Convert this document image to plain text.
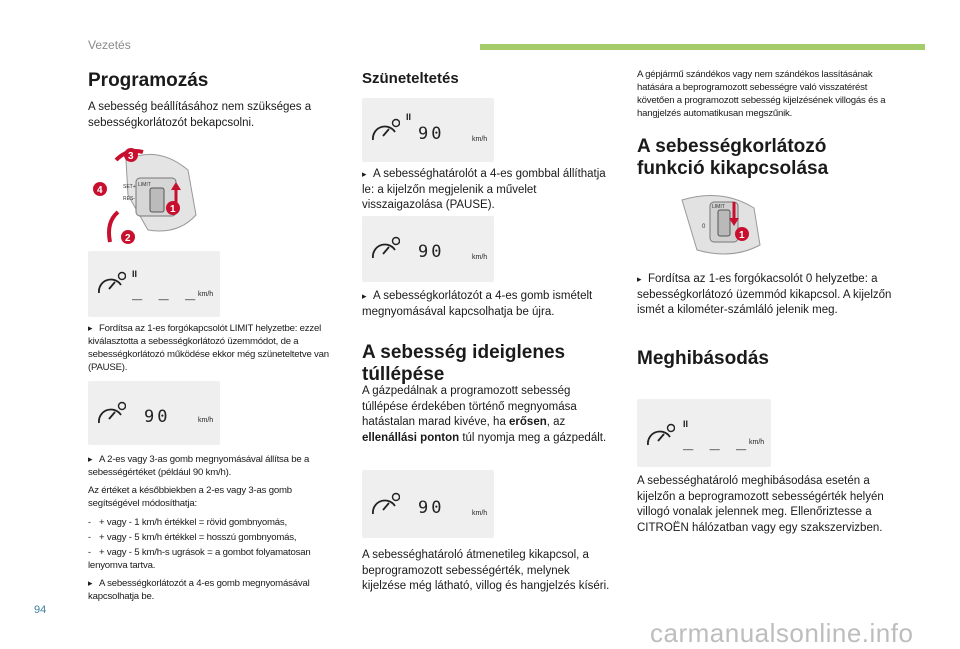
Vezetés
Programozás

A sebesség beállításához nem szükséges a sebességkorlátozót bekapcsolni.

LIMIT
SET+
RES-
3
4
2
1
II
_ _ _ km/h

▸ Fordítsa az 1-es forgókapcsolót LIMIT helyzetbe: ezzel kiválasztotta a sebességkorlátozó üzemmódot, de a sebességkorlátozó működése ekkor még szüneteltetve van (PAUSE).

90	km/h

▸ A 2-es vagy 3-as gomb megnyomásával állítsa be a sebességértéket (például 90 km/h).

Az értéket a későbbiekben a 2-es vagy 3-as gomb segítségével módosíthatja:

- + vagy - 1 km/h értékkel = rövid gombnyomás,

- + vagy - 5 km/h értékkel = hosszú gombnyomás,

- + vagy - 5 km/h-s ugrások = a gombot folyamatosan lenyomva tartva.

▸ A sebességkorlátozót a 4-es gomb megnyomásával kapcsolhatja be.

Szüneteltetés
II
90	km/h

▸ A sebességhatárolót a 4-es gombbal állíthatja le: a kijelzőn megjelenik a művelet visszaigazolása (PAUSE).

90	km/h

▸ A sebességkorlátozót a 4-es gomb ismételt megnyomásával kapcsolhatja be újra.

A sebesség ideiglenes túllépése

A gázpedálnak a programozott sebesség túllépése érdekében történő megnyomása hatástalan marad kivéve, ha erősen, az ellenállási ponton túl nyomja meg a gázpedált.

90	km/h

A sebességhatároló átmenetileg kikapcsol, a beprogramozott sebességérték, melynek kijelzése még látható, villog és hangjelzés kíséri.

A gépjármű szándékos vagy nem szándékos lassításának hatására a beprogramozott sebességre való visszatérést követően a programozott sebesség kijelzésének villogás és a hangjelzés automatikusan megszűnik.

A sebességkorlátozó funkció kikapcsolása
LIMIT
0
1

▸ Fordítsa az 1-es forgókacsolót 0 helyzetbe: a sebességkorlátozó üzemmód kikapcsol. A kijelzőn ismét a kilométer-számláló jelenik meg.

Meghibásodás
II
_ _ _ km/h

A sebességhatároló meghibásodása esetén a kijelzőn a beprogramozott sebességérték helyén villogó vonalak jelennek meg. Ellenőriztesse a CITROËN hálózatban vagy egy szakszervizben.

94
carmanualsonline.info
